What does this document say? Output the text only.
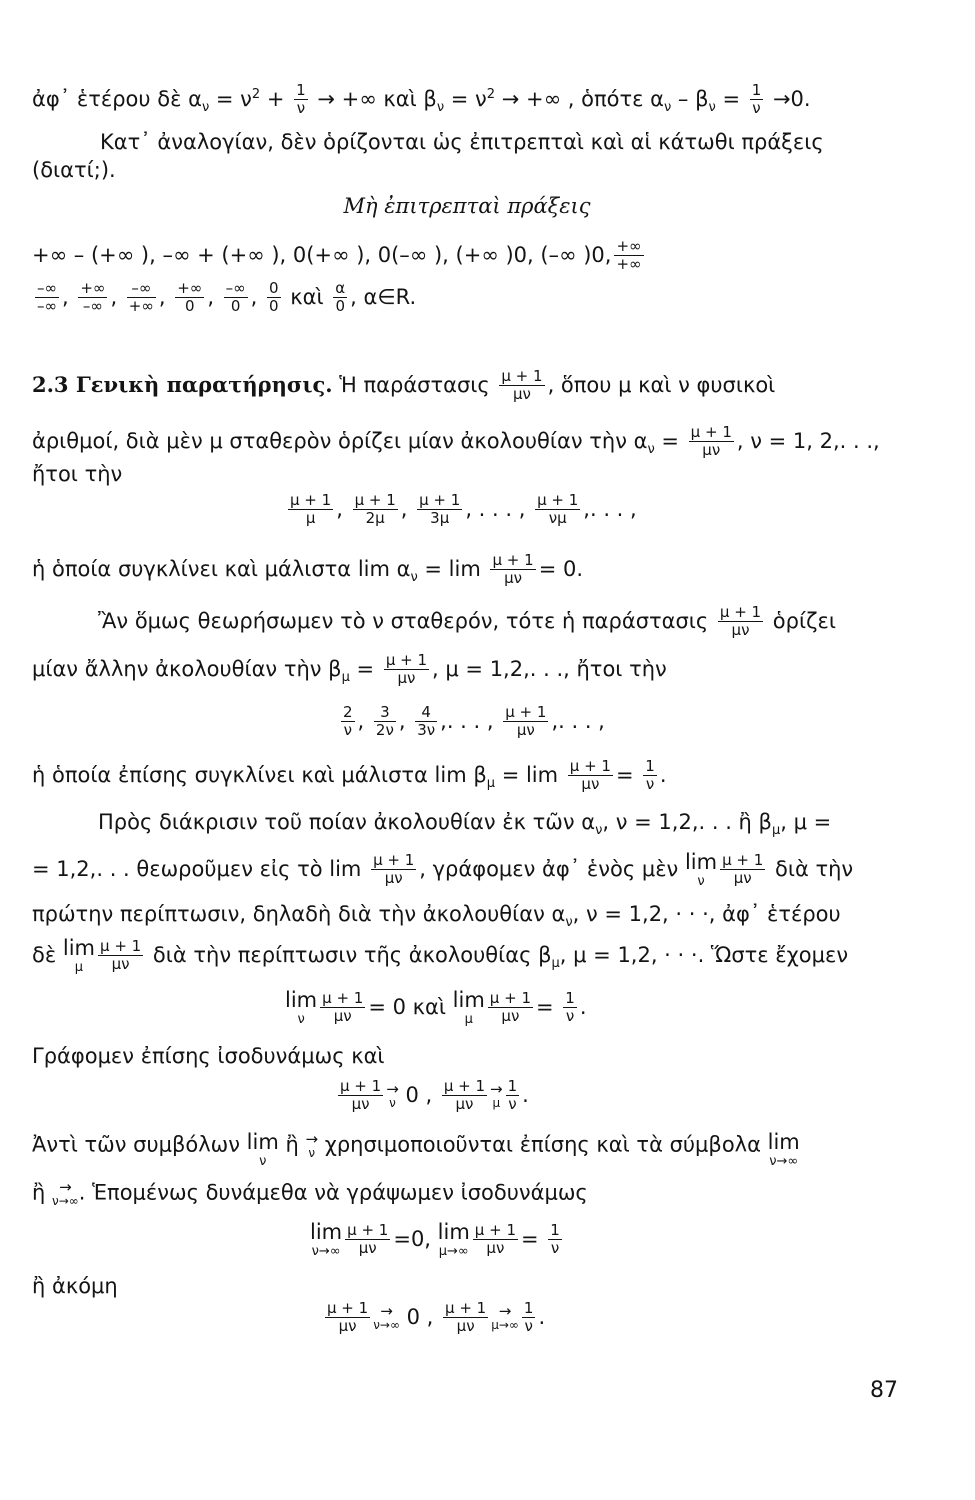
ἀφ᾽ ἑτέρου δὲ $\alpha_\nu = \nu^2 + \frac{1}{\nu}$ → +∞ καὶ $\beta_\nu = \nu^2$ → +∞ , ὁπότε $\alpha_\nu - \beta_\nu = \frac{1}{\nu} \to 0$.
Κατ᾽ ἀναλογίαν, δὲν ὁρίζονται ὡς ἐπιτρεπταὶ καὶ αἱ κάτωθι πράξεις
(διατί;).
Μὴ ἐπιτρεπταὶ πράξεις
+∞ – (+∞ ), –∞ + (+∞ ), 0(+∞ ), 0(–∞ ), (+∞ )0, (–∞ )0, $\frac{+\infty}{+\infty}$
$\frac{-\infty}{-\infty}$ , $\frac{+\infty}{-\infty}$ , $\frac{-\infty}{+\infty}$ , $\frac{+\infty}{0}$ , $\frac{-\infty}{0}$ , $\frac{0}{0}$ καὶ $\frac{\alpha}{0}$ , α∈R.
2.3 Γενικὴ παρατήρησις. Ἡ παράστασις $\frac{\mu + 1}{\mu\nu}$ , ὅπου μ καὶ ν φυσικοὶ
ἀριθμοί, διὰ μὲν μ σταθερὸν ὁρίζει μίαν ἀκολουθίαν τὴν $\alpha_\nu = \frac{\mu + 1}{\mu\nu}$ , ν = 1, 2,. . .,
ἤτοι τὴν
$\frac{\mu + 1}{\mu}$ , $\frac{\mu + 1}{2\mu}$ , $\frac{\mu + 1}{3\mu}$ , . . . , $\frac{\mu + 1}{\nu\mu}$ ,. . . ,
ἡ ὁποία συγκλίνει καὶ μάλιστα $\lim \alpha_\nu = \lim \frac{\mu + 1}{\mu\nu} = 0$.
Ἂν ὅμως θεωρήσωμεν τὸ ν σταθερόν, τότε ἡ παράστασις $\frac{\mu + 1}{\mu\nu}$ ὁρίζει
μίαν ἄλλην ἀκολουθίαν τὴν $\beta_\mu = \frac{\mu + 1}{\mu\nu}$ , μ = 1,2,. . ., ἤτοι τὴν
$\frac{2}{\nu}$ , $\frac{3}{2\nu}$ , $\frac{4}{3\nu}$ ,. . . , $\frac{\mu + 1}{\mu\nu}$ ,. . . ,
ἡ ὁποία ἐπίσης συγκλίνει καὶ μάλιστα $\lim \beta_\mu = \lim \frac{\mu + 1}{\mu\nu} = \frac{1}{\nu}$ .
Πρὸς διάκρισιν τοῦ ποίαν ἀκολουθίαν ἐκ τῶν $\alpha_\nu$, ν = 1,2,. . . ἢ $\beta_\mu$, μ =
= 1,2,. . . θεωροῦμεν εἰς τὸ $\lim \frac{\mu + 1}{\mu\nu}$ , γράφομεν ἀφ᾽ ἑνὸς μὲν lim
ν	$\frac{\mu + 1}{\mu\nu}$ διὰ τὴν
πρώτην περίπτωσιν, δηλαδὴ διὰ τὴν ἀκολουθίαν $\alpha_\nu$, ν = 1,2, · · ·, ἀφ᾽ ἑτέρου
δὲ lim
μ $\frac{\mu + 1}{\mu\nu}$ διὰ τὴν περίπτωσιν τῆς ἀκολουθίας $\beta_\mu$, μ = 1,2, · · ·. Ὥστε ἔχομεν
lim
ν	$\frac{\mu + 1}{\mu\nu} = 0$ καὶ lim
μ $\frac{\mu + 1}{\mu\nu} = \frac{1}{\nu}$ .
Γράφομεν ἐπίσης ἰσοδυνάμως καὶ
$\frac{\mu + 1}{\mu\nu}$ →
ν 0 , $\frac{\mu + 1}{\mu\nu}$ →
μ $\frac{1}{\nu}$ .
Ἀντὶ τῶν συμβόλων lim
ν
ἢ →
ν χρησιμοποιοῦνται ἐπίσης καὶ τὰ σύμβολα lim
ν→∞
ἢ →
ν→∞ . Ἑπομένως δυνάμεθα νὰ γράψωμεν ἰσοδυνάμως
lim
$\nu\to\infty \frac{\mu + 1}{\mu\nu} =0$, lim
$\mu\to\infty \frac{\mu + 1}{\mu\nu} = \frac{1}{\nu}$
ἢ ἀκόμη
$\frac{\mu + 1}{\mu\nu}$ →
ν→∞ 0 , $\frac{\mu + 1}{\mu\nu}$ →
$\mu\to\infty \frac{1}{\nu}$ .
87
